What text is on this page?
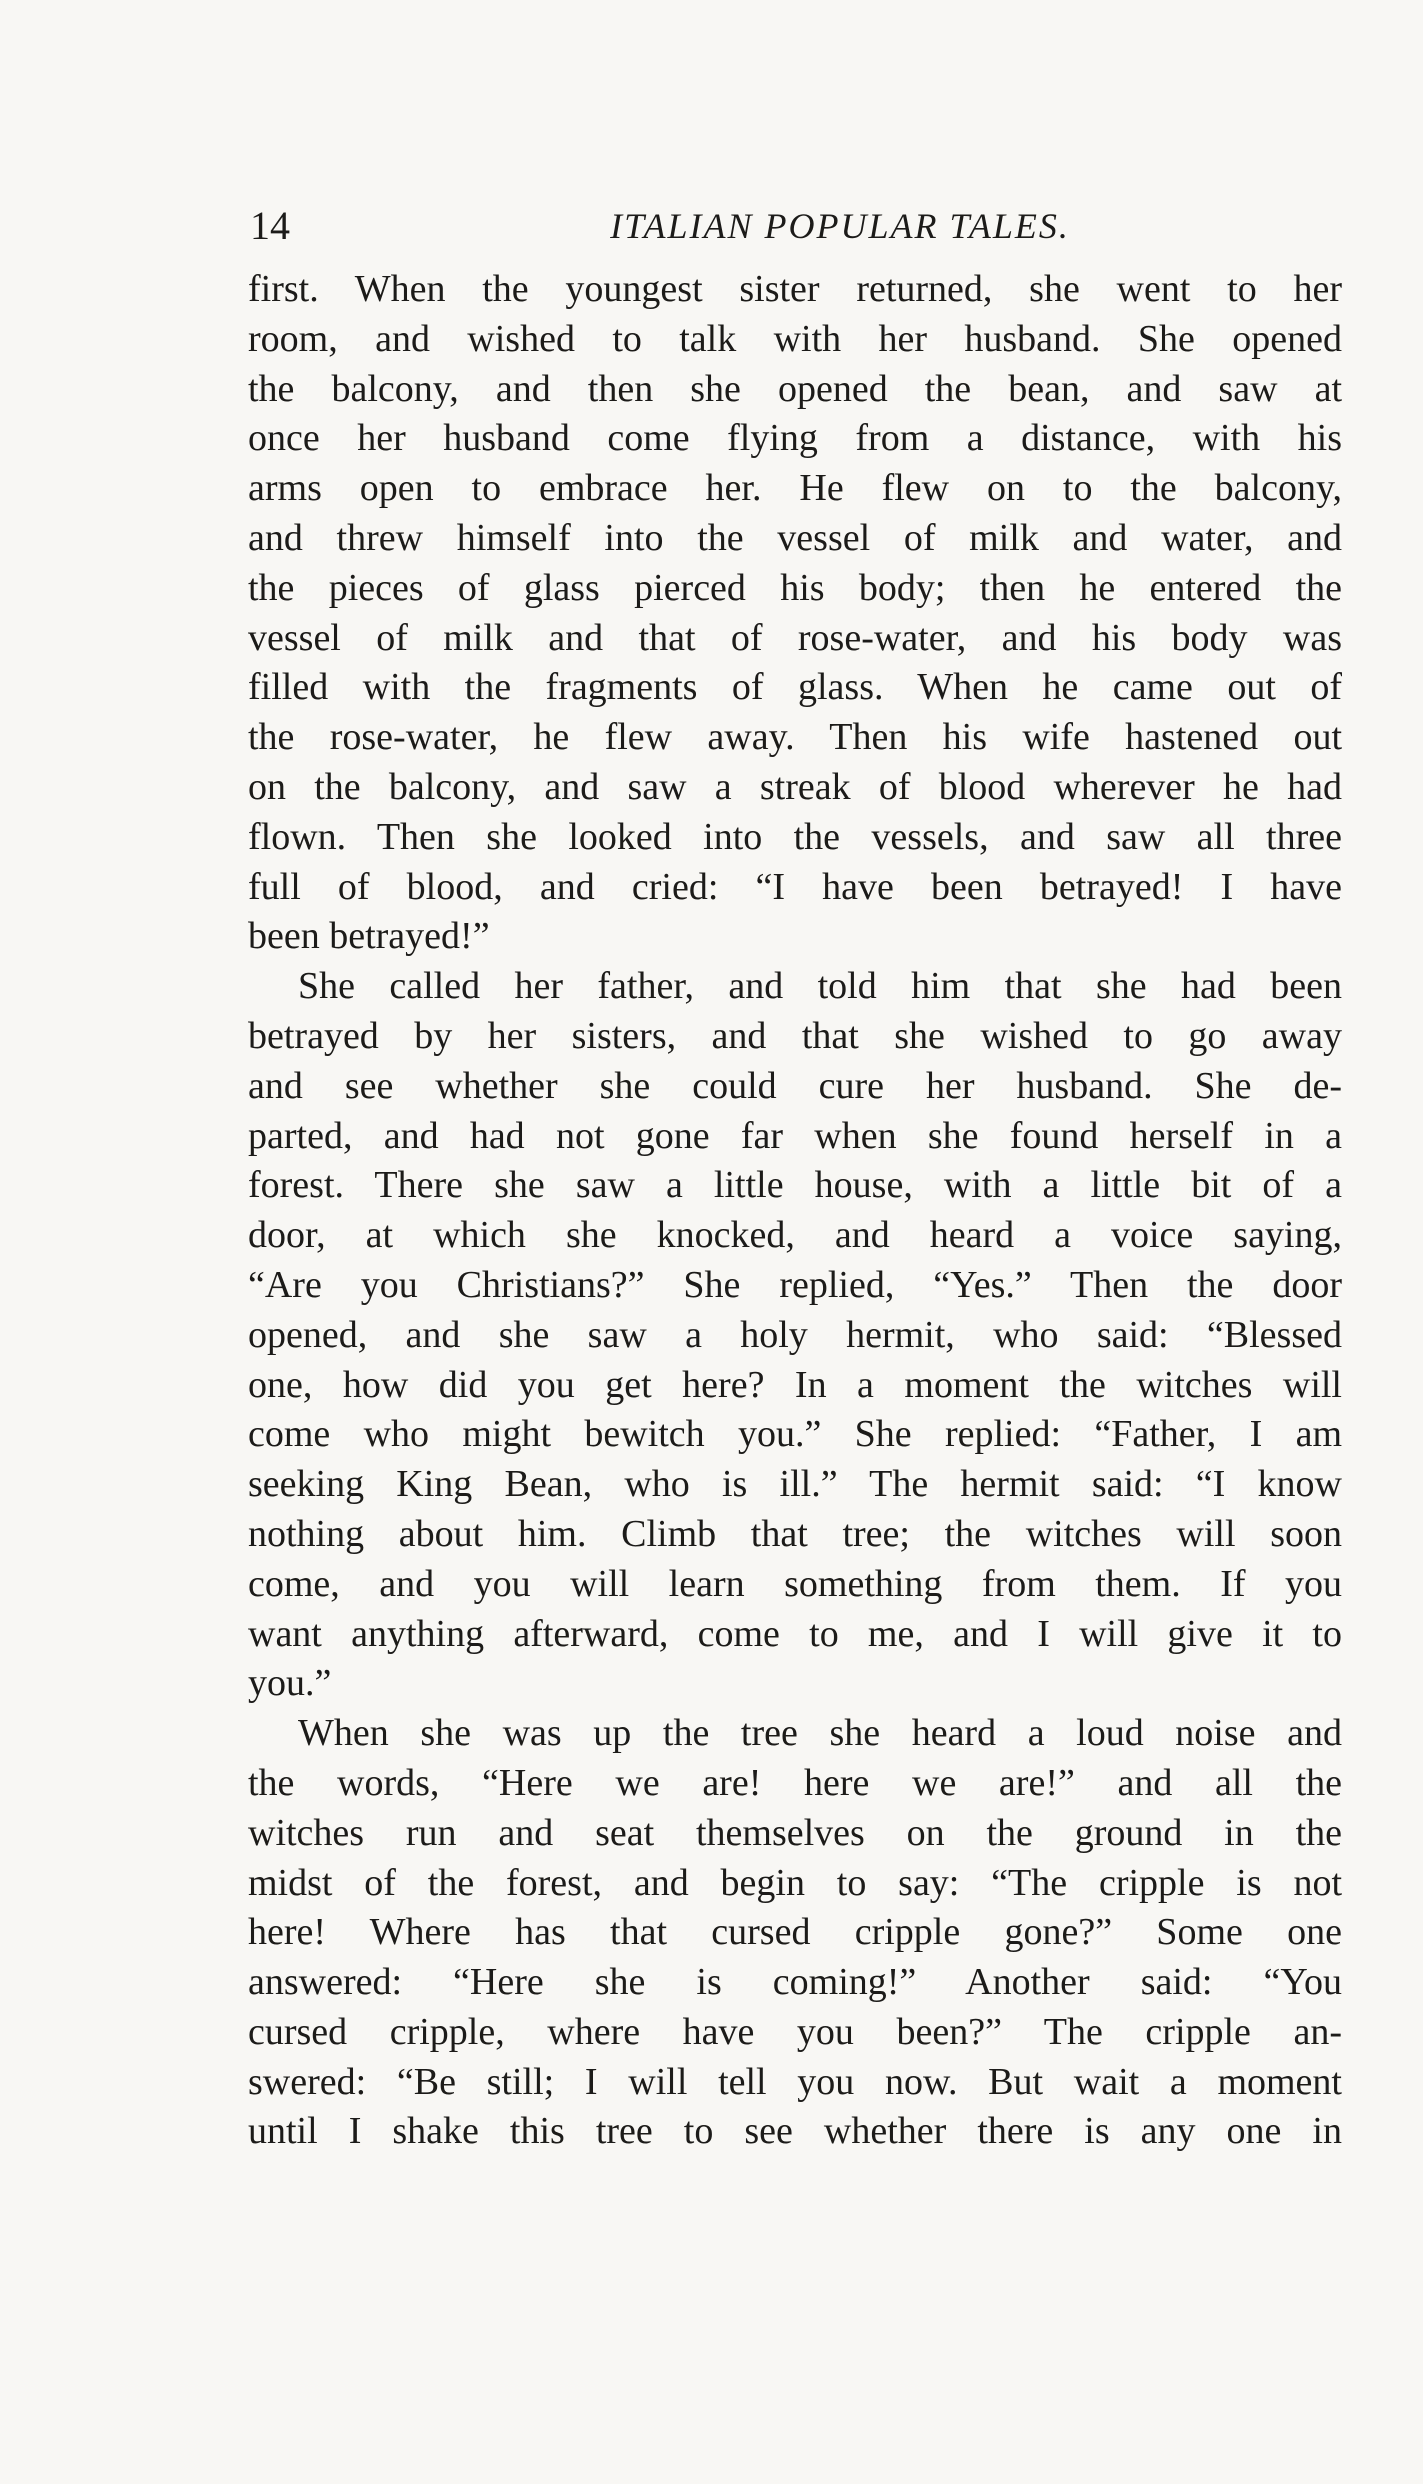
14	ITALIAN POPULAR TALES.
first. When the youngest sister returned, she went to her
room, and wished to talk with her husband. She opened
the balcony, and then she opened the bean, and saw at
once her husband come flying from a distance, with his
arms open to embrace her. He flew on to the balcony,
and threw himself into the vessel of milk and water, and
the pieces of glass pierced his body; then he entered the
vessel of milk and that of rose-water, and his body was
filled with the fragments of glass. When he came out of
the rose-water, he flew away. Then his wife hastened out
on the balcony, and saw a streak of blood wherever he had
flown. Then she looked into the vessels, and saw all three
full of blood, and cried: “I have been betrayed! I have
been betrayed!”
She called her father, and told him that she had been
betrayed by her sisters, and that she wished to go away
and see whether she could cure her husband. She de-
parted, and had not gone far when she found herself in a
forest. There she saw a little house, with a little bit of a
door, at which she knocked, and heard a voice saying,
“Are you Christians?” She replied, “Yes.” Then the door
opened, and she saw a holy hermit, who said: “Blessed
one, how did you get here? In a moment the witches will
come who might bewitch you.” She replied: “Father, I am
seeking King Bean, who is ill.” The hermit said: “I know
nothing about him. Climb that tree; the witches will soon
come, and you will learn something from them. If you
want anything afterward, come to me, and I will give it to
you.”
When she was up the tree she heard a loud noise and
the words, “Here we are! here we are!” and all the
witches run and seat themselves on the ground in the
midst of the forest, and begin to say: “The cripple is not
here! Where has that cursed cripple gone?” Some one
answered: “Here she is coming!” Another said: “You
cursed cripple, where have you been?” The cripple an-
swered: “Be still; I will tell you now. But wait a moment
until I shake this tree to see whether there is any one in
